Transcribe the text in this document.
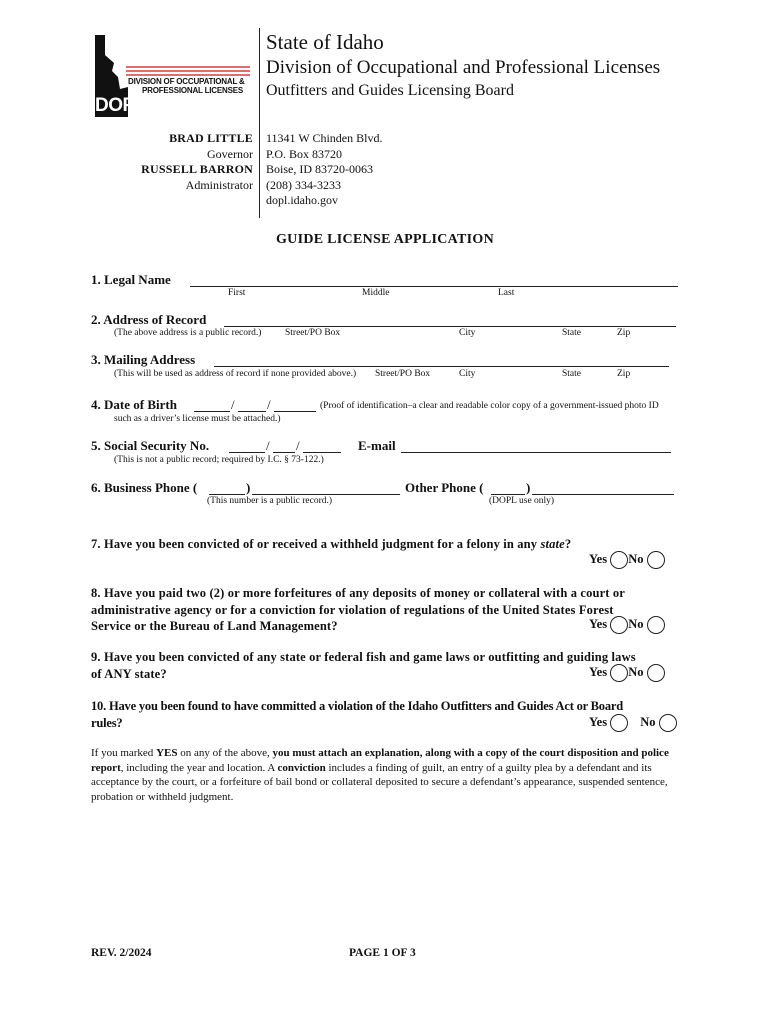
DIVISION OF OCCUPATIONAL &
PROFESSIONAL LICENSES
DOPL
State of Idaho
Division of Occupational and Professional Licenses
Outfitters and Guides Licensing Board
BRAD LITTLE
Governor
RUSSELL BARRON
Administrator
11341 W Chinden Blvd.
P.O. Box 83720
Boise, ID 83720-0063
(208) 334-3233
dopl.idaho.gov
GUIDE LICENSE APPLICATION
1. Legal Name
First	Middle	Last
2. Address of Record
(The above address is a public record.) Street/PO Box	City	State	Zip
3. Mailing Address
(This will be used as address of record if none provided above.) Street/PO Box	City	State	Zip
4. Date of Birth	/ /	(Proof of identification–a clear and readable color copy of a government-issued photo ID
such as a driver’s license must be attached.)
5. Social Security No.	/ /
(This is not a public record; required by I.C. § 73-122.)
E-mail
6. Business Phone (	)
(This number is a public record.)
Other Phone (	)
(DOPL use only)
7. Have you been convicted of or received a withheld judgment for a felony in any state?
Yes No
8. Have you paid two (2) or more forfeitures of any deposits of money or collateral with a court or
administrative agency or for a conviction for violation of regulations of the United States Forest
Service or the Bureau of Land Management?	Yes No
9. Have you been convicted of any state or federal fish and game laws or outfitting and guiding laws
of ANY state?	Yes No
10. Have you been found to have committed a violation of the Idaho Outfitters and Guides Act or Board
rules?	Yes	No
If you marked YES on any of the above, you must attach an explanation, along with a copy of the court disposition and police report, including the year and location. A conviction includes a finding of guilt, an entry of a guilty plea by a defendant and its acceptance by the court, or a forfeiture of bail bond or collateral deposited to secure a defendant’s appearance, suspended sentence, probation or withheld judgment.
REV. 2/2024	PAGE 1 OF 3
